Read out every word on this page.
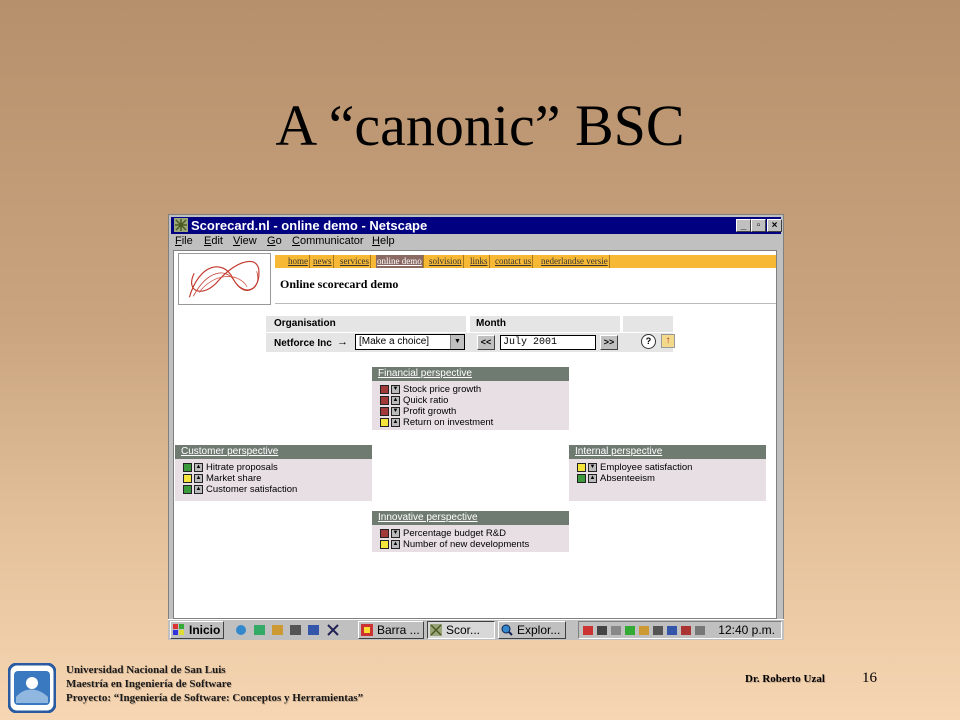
A “canonic” BSC
Scorecard.nl - online demo - Netscape	_	▫	×
File Edit View Go Communicator Help
home news services online demo solvision links contact us nederlandse versie
Online scorecard demo
Organisation	Month
Netforce Inc →	[Make a choice]	▼	<<	July 2001	>>	?	↑
Financial perspective
▼ Stock price growth
▲ Quick ratio
▼ Profit growth
▲ Return on investment
Customer perspective
▲ Hitrate proposals
▲ Market share
▲ Customer satisfaction
Internal perspective
▼ Employee satisfaction
▲ Absenteeism
Innovative perspective
▼ Percentage budget R&D
▲ Number of new developments
Inicio	Barra ...	Scor...	Explor...	12:40 p.m.
Universidad Nacional de San Luis
Maestría en Ingeniería de Software
Proyecto: “Ingeniería de Software: Conceptos y Herramientas”
Dr. Roberto Uzal 16
